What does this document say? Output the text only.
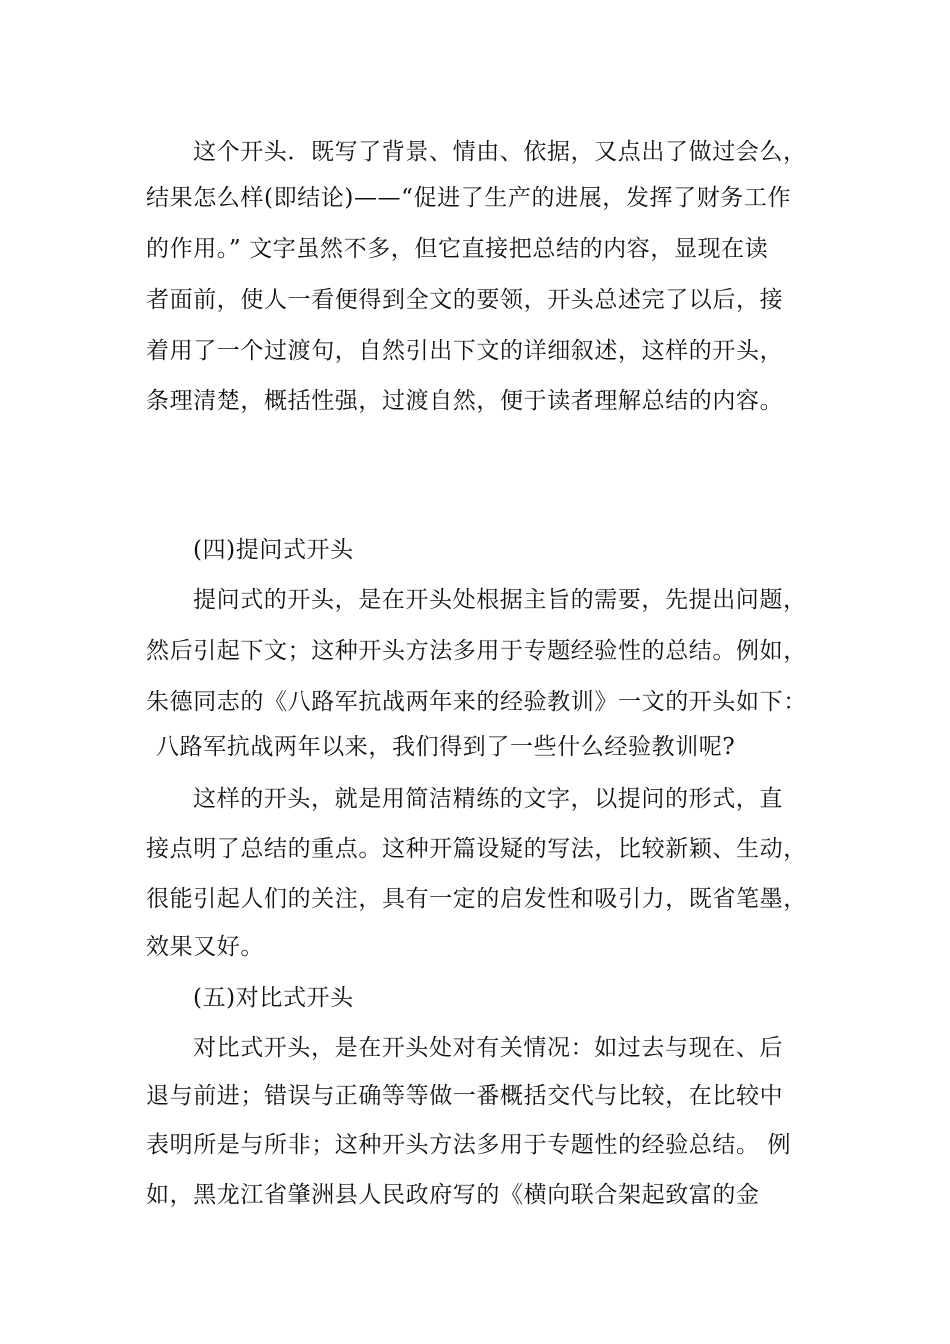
这个开头．既写了背景、情由、依据，又点出了做过会么，
结果怎么样(即结论)——“促进了生产的进展，发挥了财务工作
的作用。” 文字虽然不多，但它直接把总结的内容，显现在读
者面前，使人一看便得到全文的要领，开头总述完了以后，接
着用了一个过渡句，自然引出下文的详细叙述，这样的开头，
条理清楚，概括性强，过渡自然，便于读者理解总结的内容。
(四)提问式开头
提问式的开头，是在开头处根据主旨的需要，先提出问题，
然后引起下文；这种开头方法多用于专题经验性的总结。例如，
朱德同志的《八路军抗战两年来的经验教训》一文的开头如下：
八路军抗战两年以来，我们得到了一些什么经验教训呢?
这样的开头，就是用简洁精练的文字，以提问的形式，直
接点明了总结的重点。这种开篇设疑的写法，比较新颖、生动，
很能引起人们的关注，具有一定的启发性和吸引力，既省笔墨，
效果又好。
(五)对比式开头
对比式开头，是在开头处对有关情况：如过去与现在、后
退与前进；错误与正确等等做一番概括交代与比较，在比较中
表明所是与所非；这种开头方法多用于专题性的经验总结。 例
如，黑龙江省肇洲县人民政府写的《横向联合架起致富的金
